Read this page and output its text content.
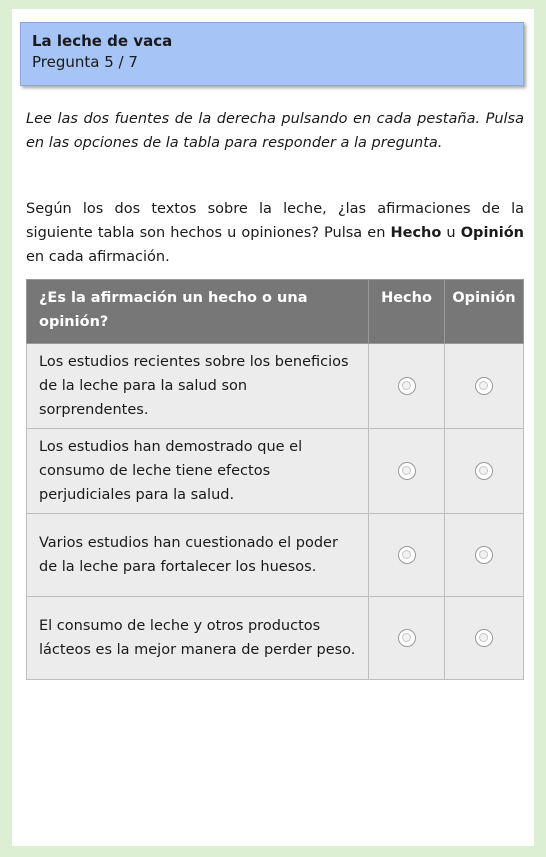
La leche de vaca
Pregunta 5 / 7
Lee las dos fuentes de la derecha pulsando en cada pestaña. Pulsa en las opciones de la tabla para responder a la pregunta.
Según los dos textos sobre la leche, ¿las afirmaciones de la siguiente tabla son hechos u opiniones? Pulsa en Hecho u Opinión en cada afirmación.
¿Es la afirmación un hecho o una opinión?	Hecho	Opinión
Los estudios recientes sobre los beneficios de la leche para la salud son sorprendentes.		
Los estudios han demostrado que el consumo de leche tiene efectos perjudiciales para la salud.		
Varios estudios han cuestionado el poder de la leche para fortalecer los huesos.		
El consumo de leche y otros productos lácteos es la mejor manera de perder peso.		
